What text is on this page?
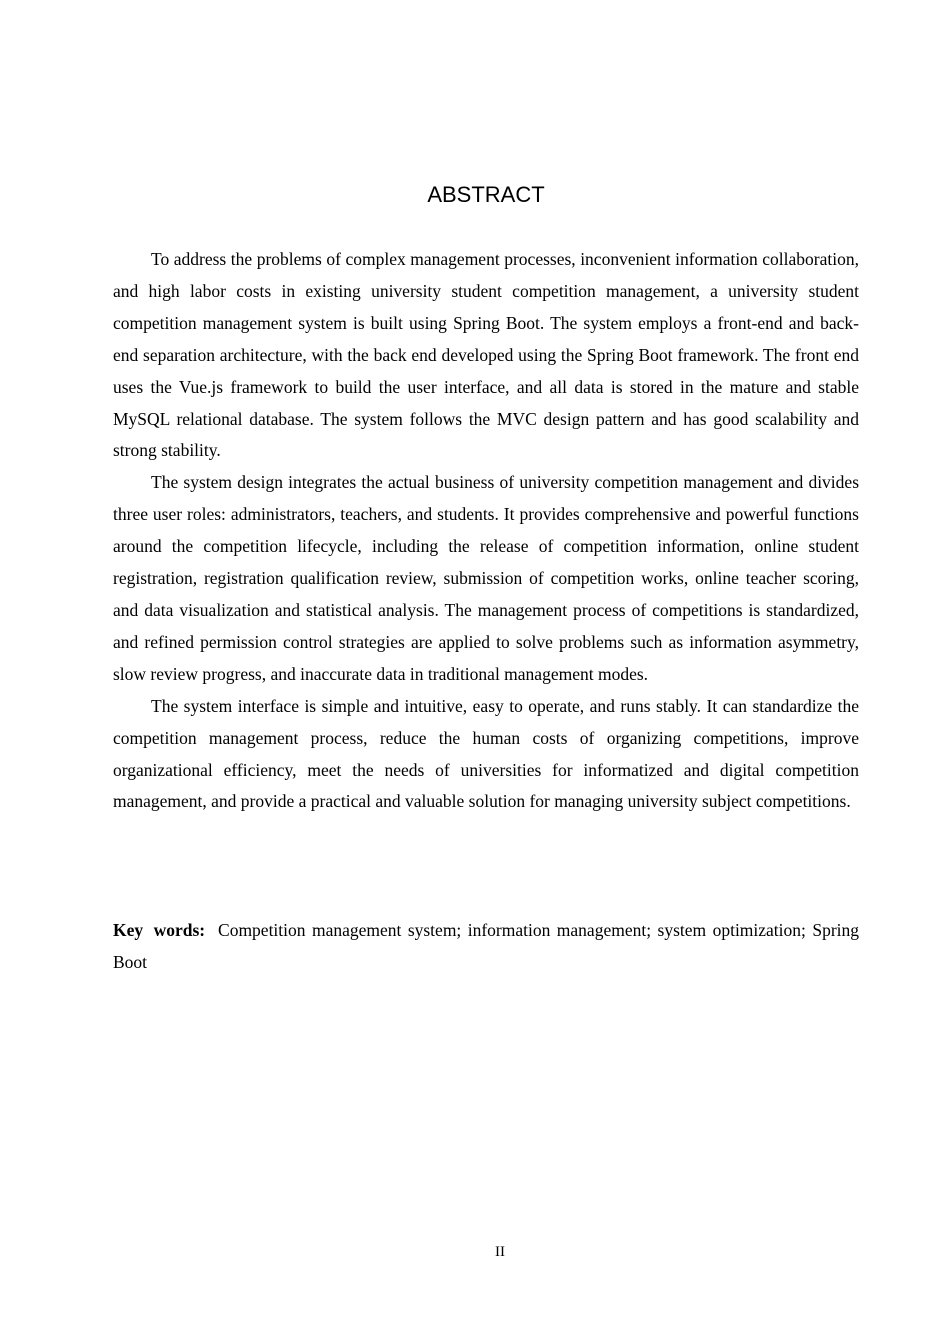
ABSTRACT

To address the problems of complex management processes, inconvenient information collaboration, and high labor costs in existing university student competition management, a university student competition management system is built using Spring Boot. The system employs a front-end and back-end separation architecture, with the back end developed using the Spring Boot framework. The front end uses the Vue.js framework to build the user interface, and all data is stored in the mature and stable MySQL relational database. The system follows the MVC design pattern and has good scalability and strong stability.

The system design integrates the actual business of university competition management and divides three user roles: administrators, teachers, and students. It provides comprehensive and powerful functions around the competition lifecycle, including the release of competition information, online student registration, registration qualification review, submission of competition works, online teacher scoring, and data visualization and statistical analysis. The management process of competitions is standardized, and refined permission control strategies are applied to solve problems such as information asymmetry, slow review progress, and inaccurate data in traditional management modes.

The system interface is simple and intuitive, easy to operate, and runs stably. It can standardize the competition management process, reduce the human costs of organizing competitions, improve organizational efficiency, meet the needs of universities for informatized and digital competition management, and provide a practical and valuable solution for managing university subject competitions.

Key words: Competition management system; information management; system optimization; Spring Boot

II
